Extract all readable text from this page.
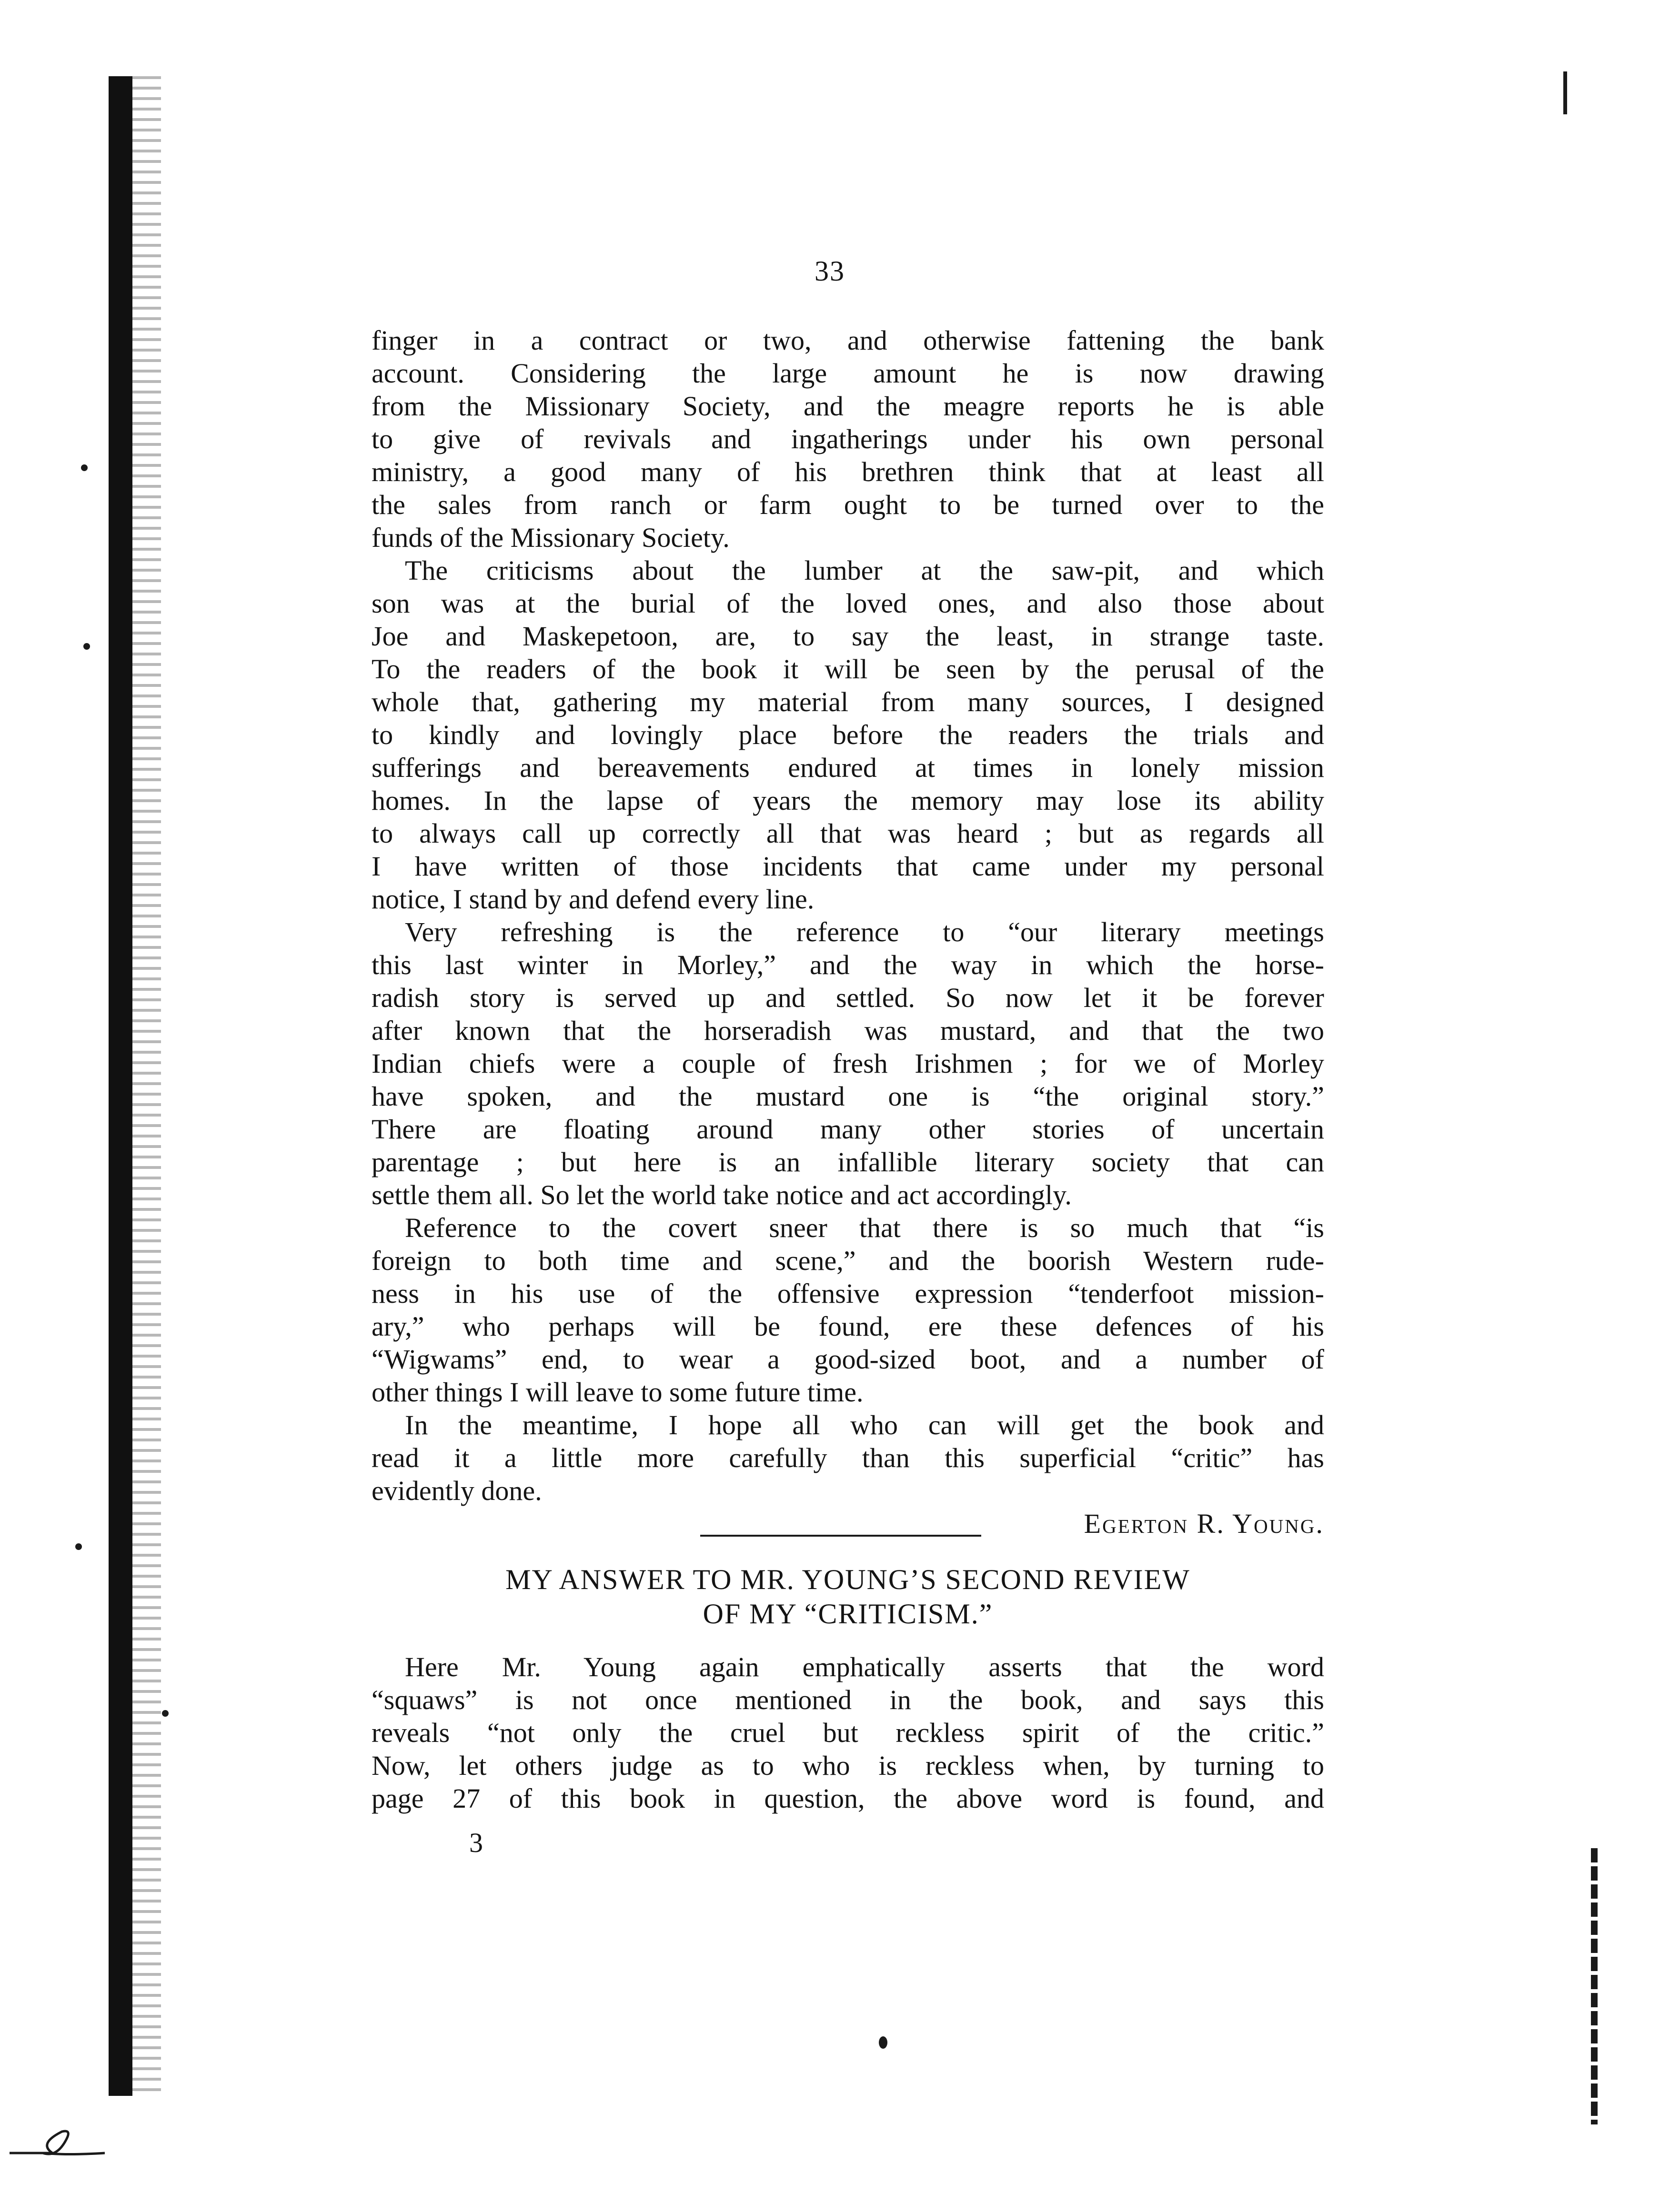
33
finger in a contract or two, and otherwise fattening the bank
account. Considering the large amount he is now drawing
from the Missionary Society, and the meagre reports he is able
to give of revivals and ingatherings under his own personal
ministry, a good many of his brethren think that at least all
the sales from ranch or farm ought to be turned over to the
funds of the Missionary Society.
The criticisms about the lumber at the saw-pit, and which
son was at the burial of the loved ones, and also those about
Joe and Maskepetoon, are, to say the least, in strange taste.
To the readers of the book it will be seen by the perusal of the
whole that, gathering my material from many sources, I designed
to kindly and lovingly place before the readers the trials and
sufferings and bereavements endured at times in lonely mission
homes. In the lapse of years the memory may lose its ability
to always call up correctly all that was heard ; but as regards all
I have written of those incidents that came under my personal
notice, I stand by and defend every line.
Very refreshing is the reference to “our literary meetings
this last winter in Morley,” and the way in which the horse-
radish story is served up and settled. So now let it be forever
after known that the horseradish was mustard, and that the two
Indian chiefs were a couple of fresh Irishmen ; for we of Morley
have spoken, and the mustard one is “the original story.”
There are floating around many other stories of uncertain
parentage ; but here is an infallible literary society that can
settle them all. So let the world take notice and act accordingly.
Reference to the covert sneer that there is so much that “is
foreign to both time and scene,” and the boorish Western rude-
ness in his use of the offensive expression “tenderfoot mission-
ary,” who perhaps will be found, ere these defences of his
“Wigwams” end, to wear a good-sized boot, and a number of
other things I will leave to some future time.
In the meantime, I hope all who can will get the book and
read it a little more carefully than this superficial “critic” has
evidently done.
Egerton R. Young.
MY ANSWER TO MR. YOUNG’S SECOND REVIEW
OF MY “CRITICISM.”
Here Mr. Young again emphatically asserts that the word
“squaws” is not once mentioned in the book, and says this
reveals “not only the cruel but reckless spirit of the critic.”
Now, let others judge as to who is reckless when, by turning to
page 27 of this book in question, the above word is found, and
3
